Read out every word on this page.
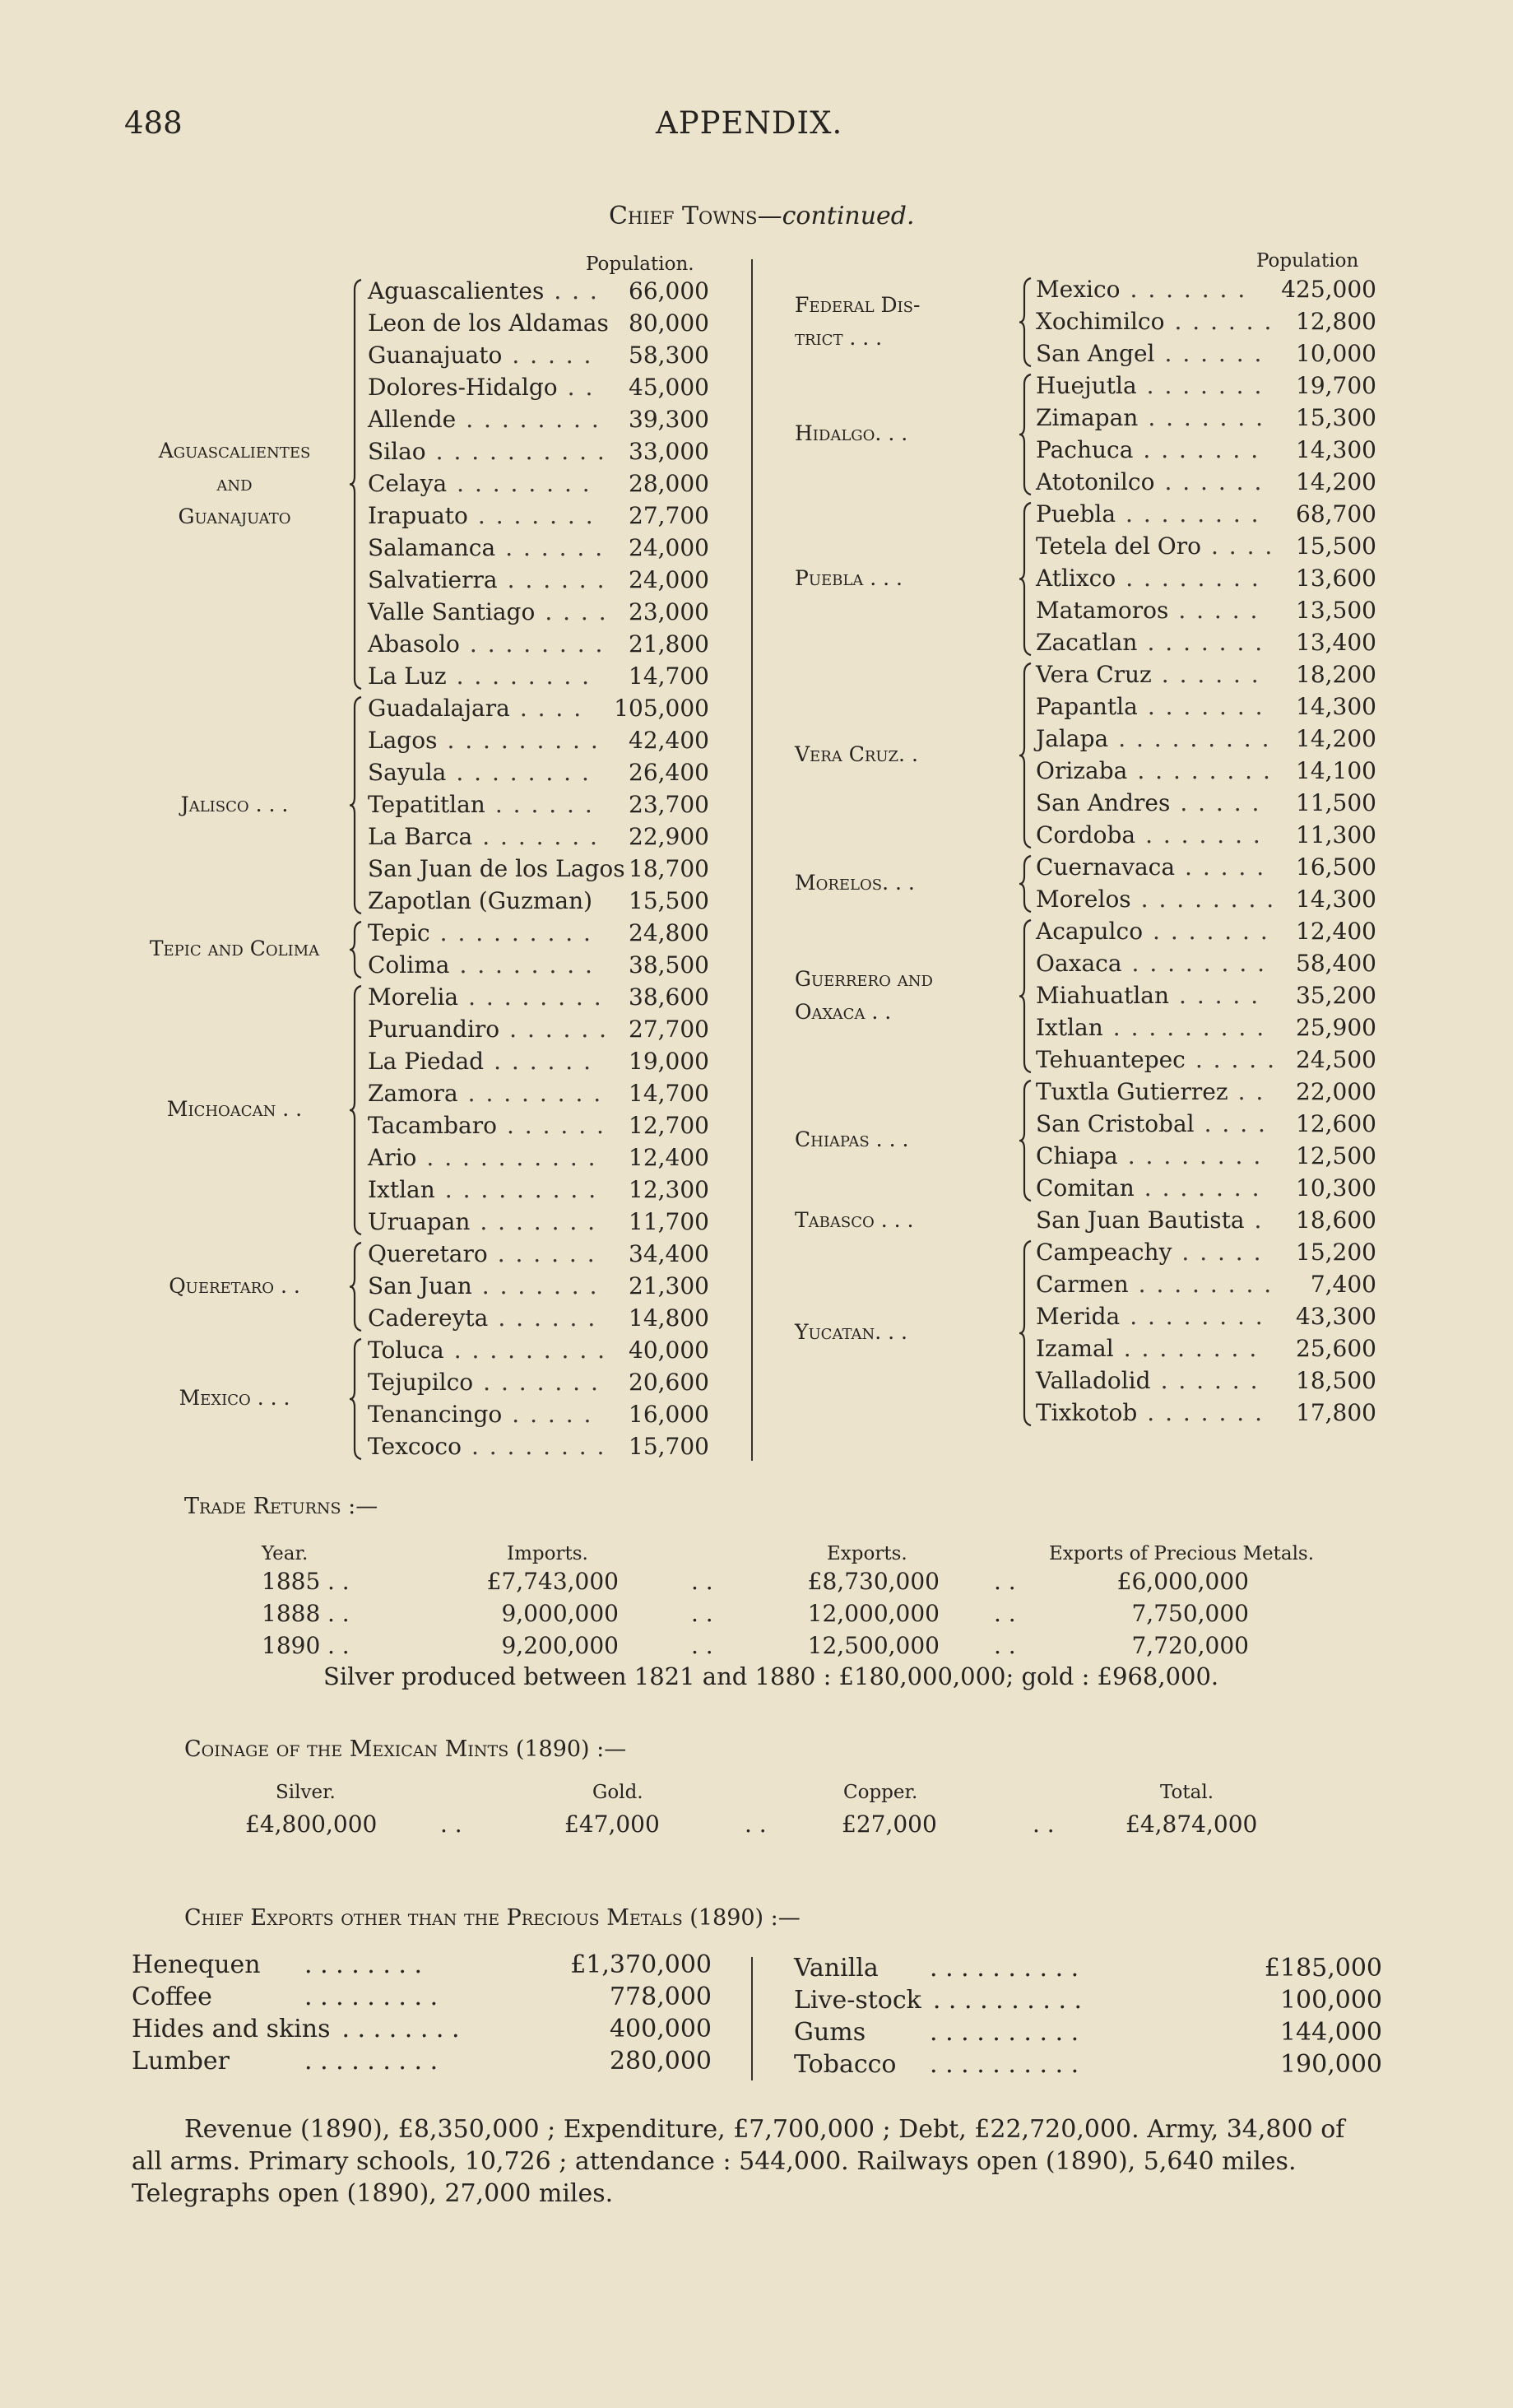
488	APPENDIX.
Chief Towns—continued.
Population.	Population
Aguascalientes
and
Guanajuato
Aguascalientes	66,000
. . .
Leon de los Aldamas 80,000
Guanajuato	58,300
. . . . .
Dolores-Hidalgo	45,000
. .
Allende	39,300
. . . . . . . .
Silao	33,000
. . . . . . . . . .
Celaya	28,000
. . . . . . . .
Irapuato	27,700
. . . . . . .
Salamanca	24,000
. . . . . .
Salvatierra	24,000
. . . . . .
Valle Santiago	23,000
. . . .
Abasolo	21,800
. . . . . . . .
La Luz	14,700
. . . . . . . .
Jalisco . . .
Guadalajara	105,000
. . . .
Lagos	42,400
. . . . . . . . .
Sayula	26,400
. . . . . . . .
Tepatitlan	23,700
. . . . . .
La Barca	22,900
. . . . . . .
San Juan de los Lagos 18,700
Zapotlan (Guzman) 15,500
Tepic and Colima
Tepic	24,800
. . . . . . . . .
Colima	38,500
. . . . . . . .
Michoacan . .
Morelia	38,600
. . . . . . . .
Puruandiro	27,700
. . . . . .
La Piedad	19,000
. . . . . .
Zamora	14,700
. . . . . . . .
Tacambaro	12,700
. . . . . .
Ario	12,400
. . . . . . . . . .
Ixtlan	12,300
. . . . . . . . .
Uruapan	11,700
. . . . . . .
Queretaro . .
Queretaro	34,400
. . . . . .
San Juan	21,300
. . . . . . .
Cadereyta	14,800
. . . . . .
Mexico . . .
Toluca	40,000
. . . . . . . . .
Tejupilco	20,600
. . . . . . .
Tenancingo	16,000
. . . . .
Texcoco	15,700
. . . . . . . .
Federal Dis-
trict . . .
Mexico	425,000
. . . . . . .
Xochimilco	12,800
. . . . . .
San Angel	10,000
. . . . . .
Hidalgo. . .
Huejutla	19,700
. . . . . . .
Zimapan	15,300
. . . . . . .
Pachuca	14,300
. . . . . . .
Atotonilco	14,200
. . . . . .
Puebla . . .
Puebla	68,700
. . . . . . . .
Tetela del Oro	15,500
. . . .
Atlixco	13,600
. . . . . . . .
Matamoros	13,500
. . . . .
Zacatlan	13,400
. . . . . . .
Vera Cruz. .
Vera Cruz	18,200
. . . . . .
Papantla	14,300
. . . . . . .
Jalapa	14,200
. . . . . . . . .
Orizaba	14,100
. . . . . . . .
San Andres	11,500
. . . . .
Cordoba	11,300
. . . . . . .
Morelos. . .
Cuernavaca	16,500
. . . . .
Morelos	14,300
. . . . . . . .
Guerrero and
Oaxaca . .
Acapulco	12,400
. . . . . . .
Oaxaca	58,400
. . . . . . . .
Miahuatlan	35,200
. . . . .
Ixtlan	25,900
. . . . . . . . .
Tehuantepec	24,500
. . . . .
Chiapas . . .
Tuxtla Gutierrez	22,000
. .
San Cristobal	12,600
. . . .
Chiapa	12,500
. . . . . . . .
Comitan	10,300
. . . . . . .
Tabasco . . .	San Juan Bautista 18,600
.
Yucatan. . .
Campeachy	15,200
. . . . .
Carmen	7,400
. . . . . . . .
Merida	43,300
. . . . . . . .
Izamal	25,600
. . . . . . . .
Valladolid	18,500
. . . . . .
Tixkotob	17,800
. . . . . . .
Trade Returns :—
Year.	Imports.	Exports.	Exports of Precious Metals.
1885	£7,743,000	£8,730,000	£6,000,000
. .	. .	. .
1888	9,000,000	12,000,000	7,750,000
. .	. .	. .
1890	9,200,000	12,500,000	7,720,000
. .	. .	. .
Silver produced between 1821 and 1880 : £180,000,000; gold : £968,000.
Coinage of the Mexican Mints (1890) :—
Silver.	Gold.	Copper.	Total.
£4,800,000	£47,000	£27,000	£4,874,000
. .	. .	. .
Chief Exports other than the Precious Metals (1890) :—
Henequen	£1,370,000
. . . . . . . .
Coffee	778,000
. . . . . . . . .
Hides and skins	400,000
. . . . . . . .
Lumber	280,000
. . . . . . . . .
Vanilla	£185,000
. . . . . . . . . .
Live-stock	100,000
. . . . . . . . . .
Gums	144,000
. . . . . . . . . .
Tobacco	190,000
. . . . . . . . . .
Revenue (1890), £8,350,000 ; Expenditure, £7,700,000 ; Debt, £22,720,000. Army, 34,800 of all arms. Primary schools, 10,726 ; attendance : 544,000. Railways open (1890), 5,640 miles. Telegraphs open (1890), 27,000 miles.
